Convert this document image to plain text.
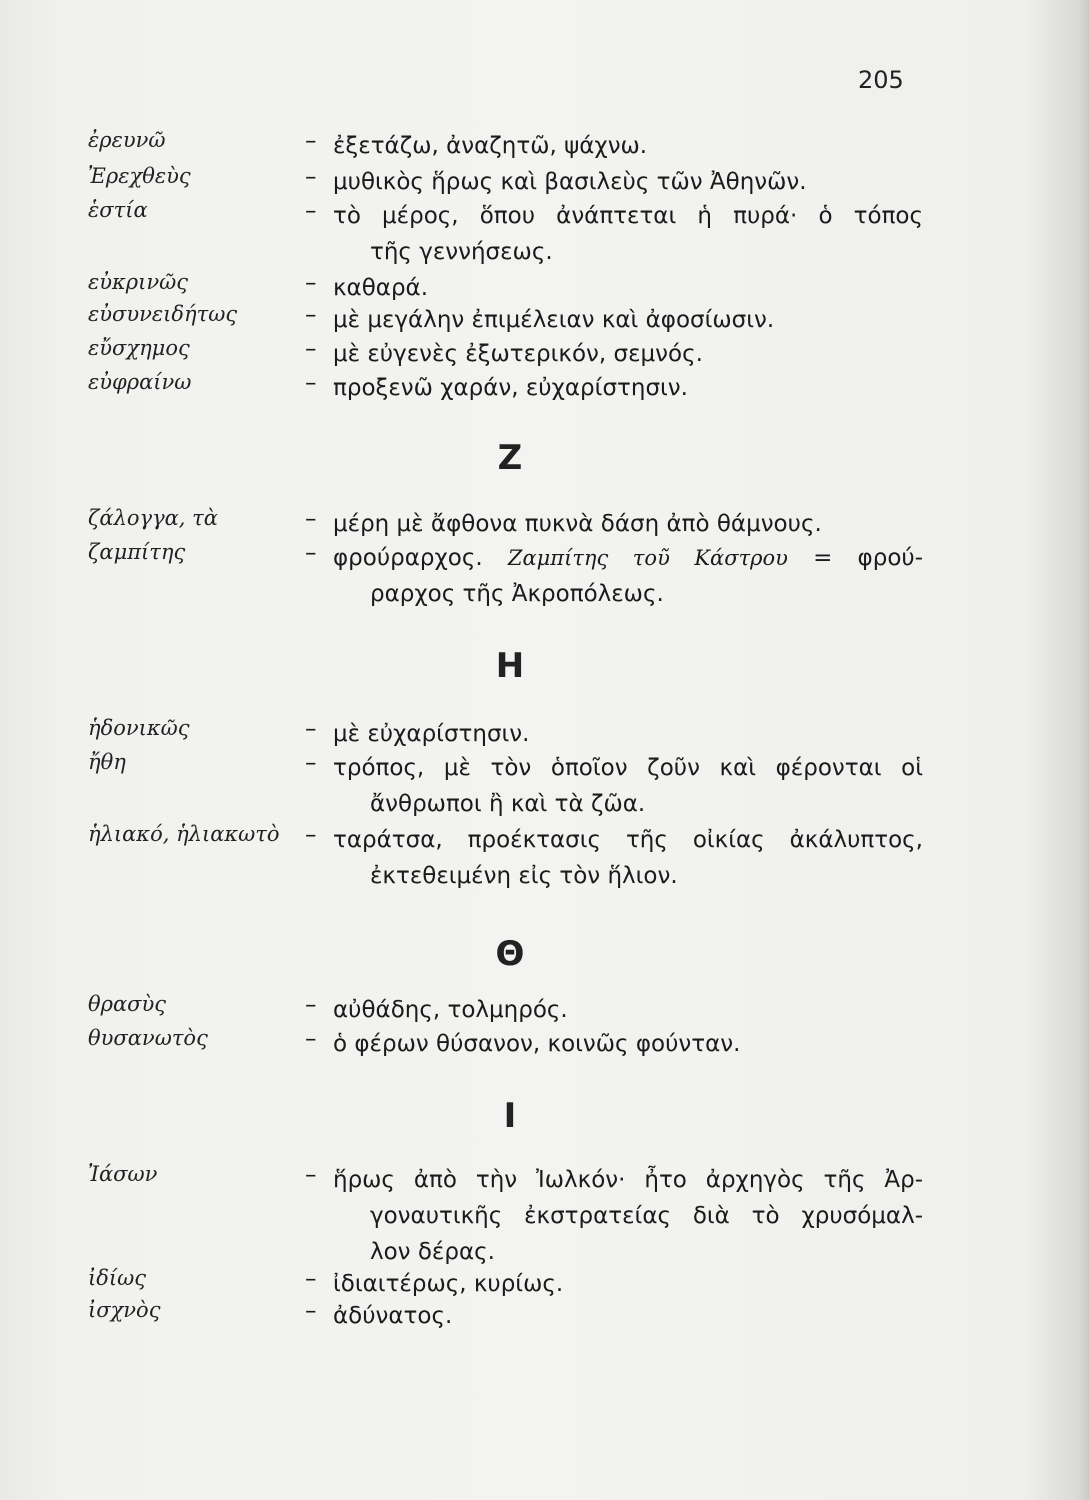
205
ἐρευνῶ	– ἐξετάζω, ἀναζητῶ, ψάχνω.
Ἐρεχθεὺς	– μυθικὸς ἥρως καὶ βασιλεὺς τῶν Ἀθηνῶν.
ἑστία	– τὸ μέρος, ὅπου ἀνάπτεται ἡ πυρά· ὁ τόπος
τῆς γεννήσεως.
εὐκρινῶς	– καθαρά.
εὐσυνειδήτως	– μὲ μεγάλην ἐπιμέλειαν καὶ ἀφοσίωσιν.
εὔσχημος	– μὲ εὐγενὲς ἐξωτερικόν, σεμνός.
εὐφραίνω	– προξενῶ χαράν, εὐχαρίστησιν.
Ζ
ζάλογγα, τὰ	– μέρη μὲ ἄφθονα πυκνὰ δάση ἀπὸ θάμνους.
ζαμπίτης	– φρούραρχος. Ζαμπίτης τοῦ Κάστρου = φρού-
ραρχος τῆς Ἀκροπόλεως.
Η
ἡδονικῶς	– μὲ εὐχαρίστησιν.
ἤθη	– τρόπος, μὲ τὸν ὁποῖον ζοῦν καὶ φέρονται οἱ
ἄνθρωποι ἢ καὶ τὰ ζῶα.
ἡλιακό, ἡλιακωτὸ – ταράτσα, προέκτασις τῆς οἰκίας ἀκάλυπτος,
ἐκτεθειμένη εἰς τὸν ἥλιον.
Θ
θρασὺς	– αὐθάδης, τολμηρός.
θυσανωτὸς	– ὁ φέρων θύσανον, κοινῶς φούνταν.
Ι
Ἰάσων	– ἥρως ἀπὸ τὴν Ἰωλκόν· ἦτο ἀρχηγὸς τῆς Ἀρ-
γοναυτικῆς ἐκστρατείας διὰ τὸ χρυσόμαλ-
λον δέρας.
ἰδίως	– ἰδιαιτέρως, κυρίως.
ἰσχνὸς	– ἀδύνατος.
